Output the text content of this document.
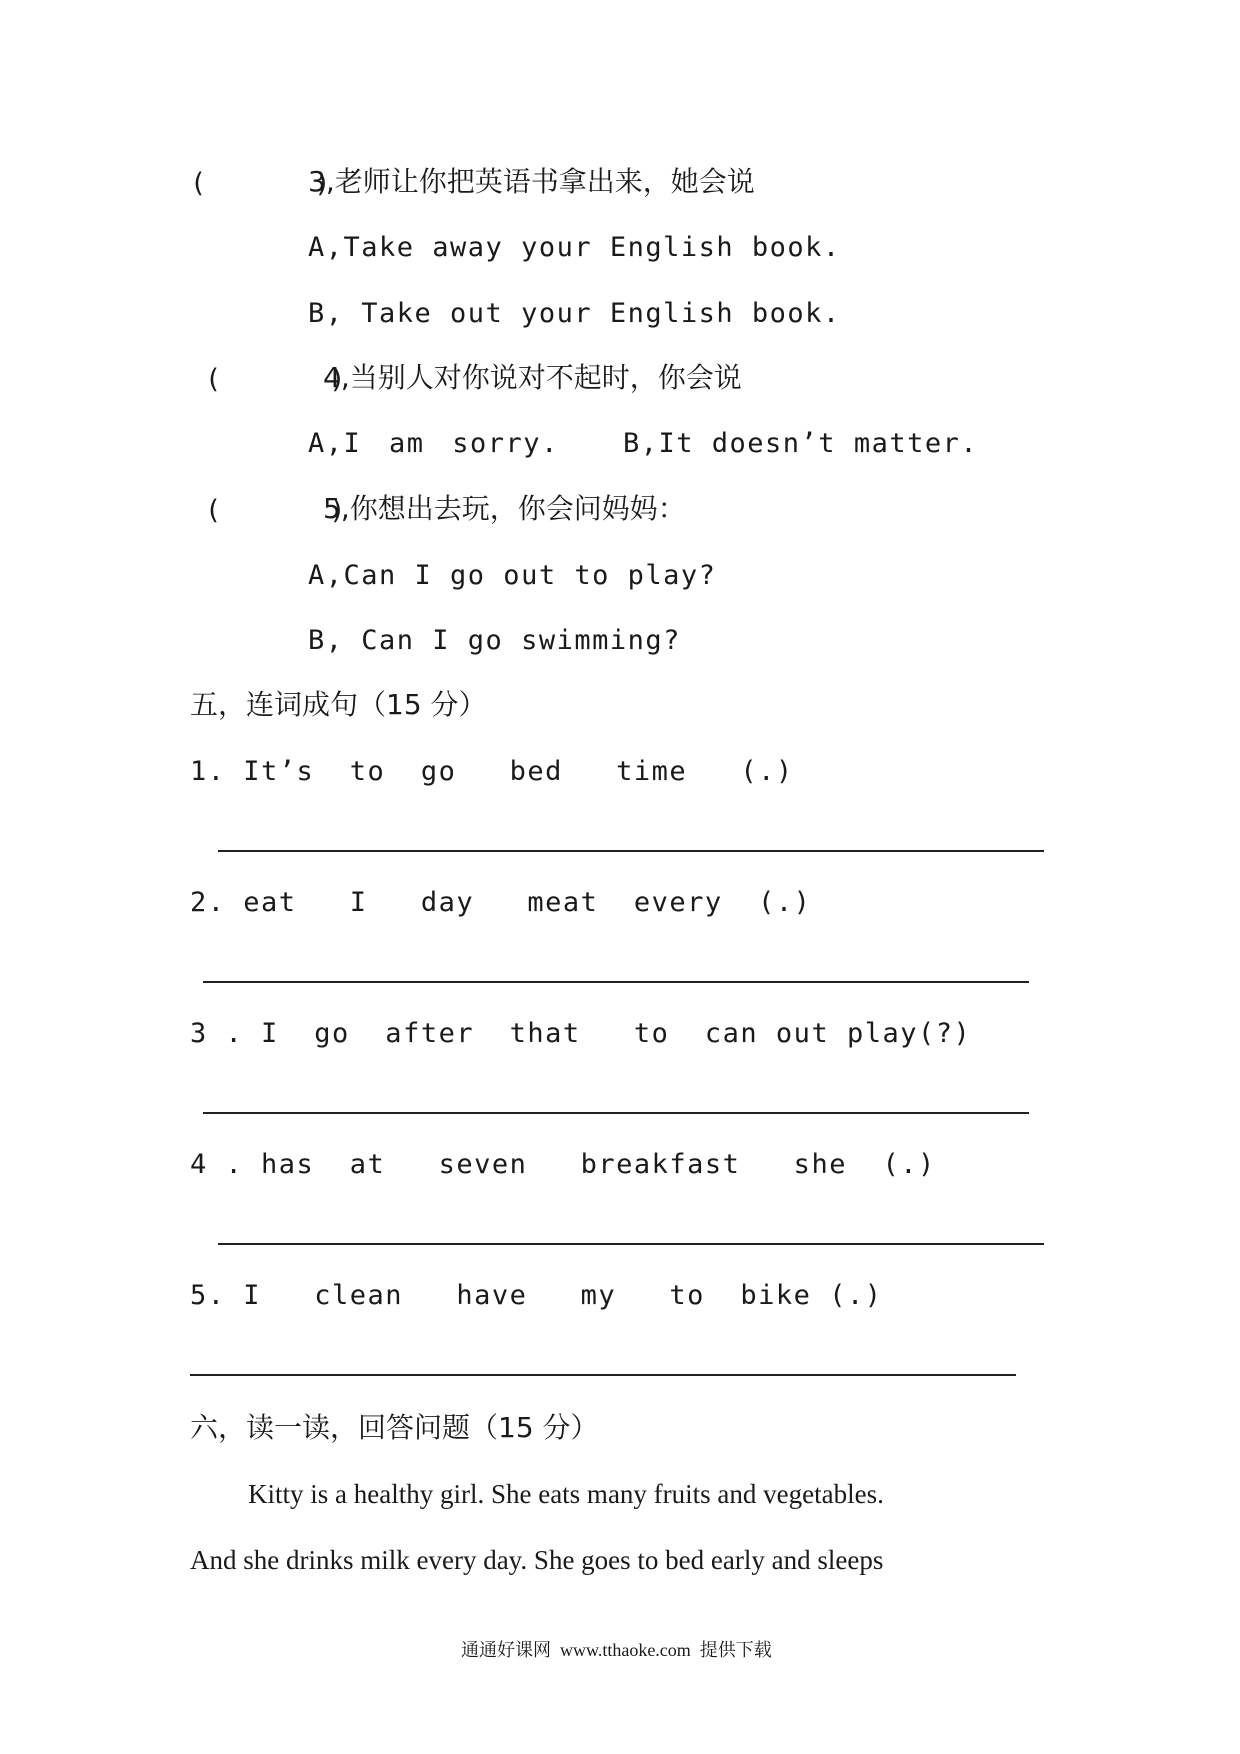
(      )
3,老师让你把英语书拿出来，她会说
A,Take away your English book.
B, Take out your English book.
(      )
4,当别人对你说对不起时，你会说
A,I am sorry. B,It doesn’t matter.
(      )
5,你想出去玩，你会问妈妈：
A,Can I go out to play?
B, Can I go swimming?
五，连词成句（15 分）
1. It’s  to  go   bed   time   (.)
2. eat   I   day   meat  every  (.)
3 . I  go  after  that   to  can out play(?)
4 . has  at   seven   breakfast   she  (.)
5. I   clean   have   my   to  bike (.)
六，读一读，回答问题（15 分）
Kitty is a healthy girl. She eats many fruits and vegetables.
And she drinks milk every day. She goes to bed early and sleeps
通通好课网  www.tthaoke.com  提供下载
